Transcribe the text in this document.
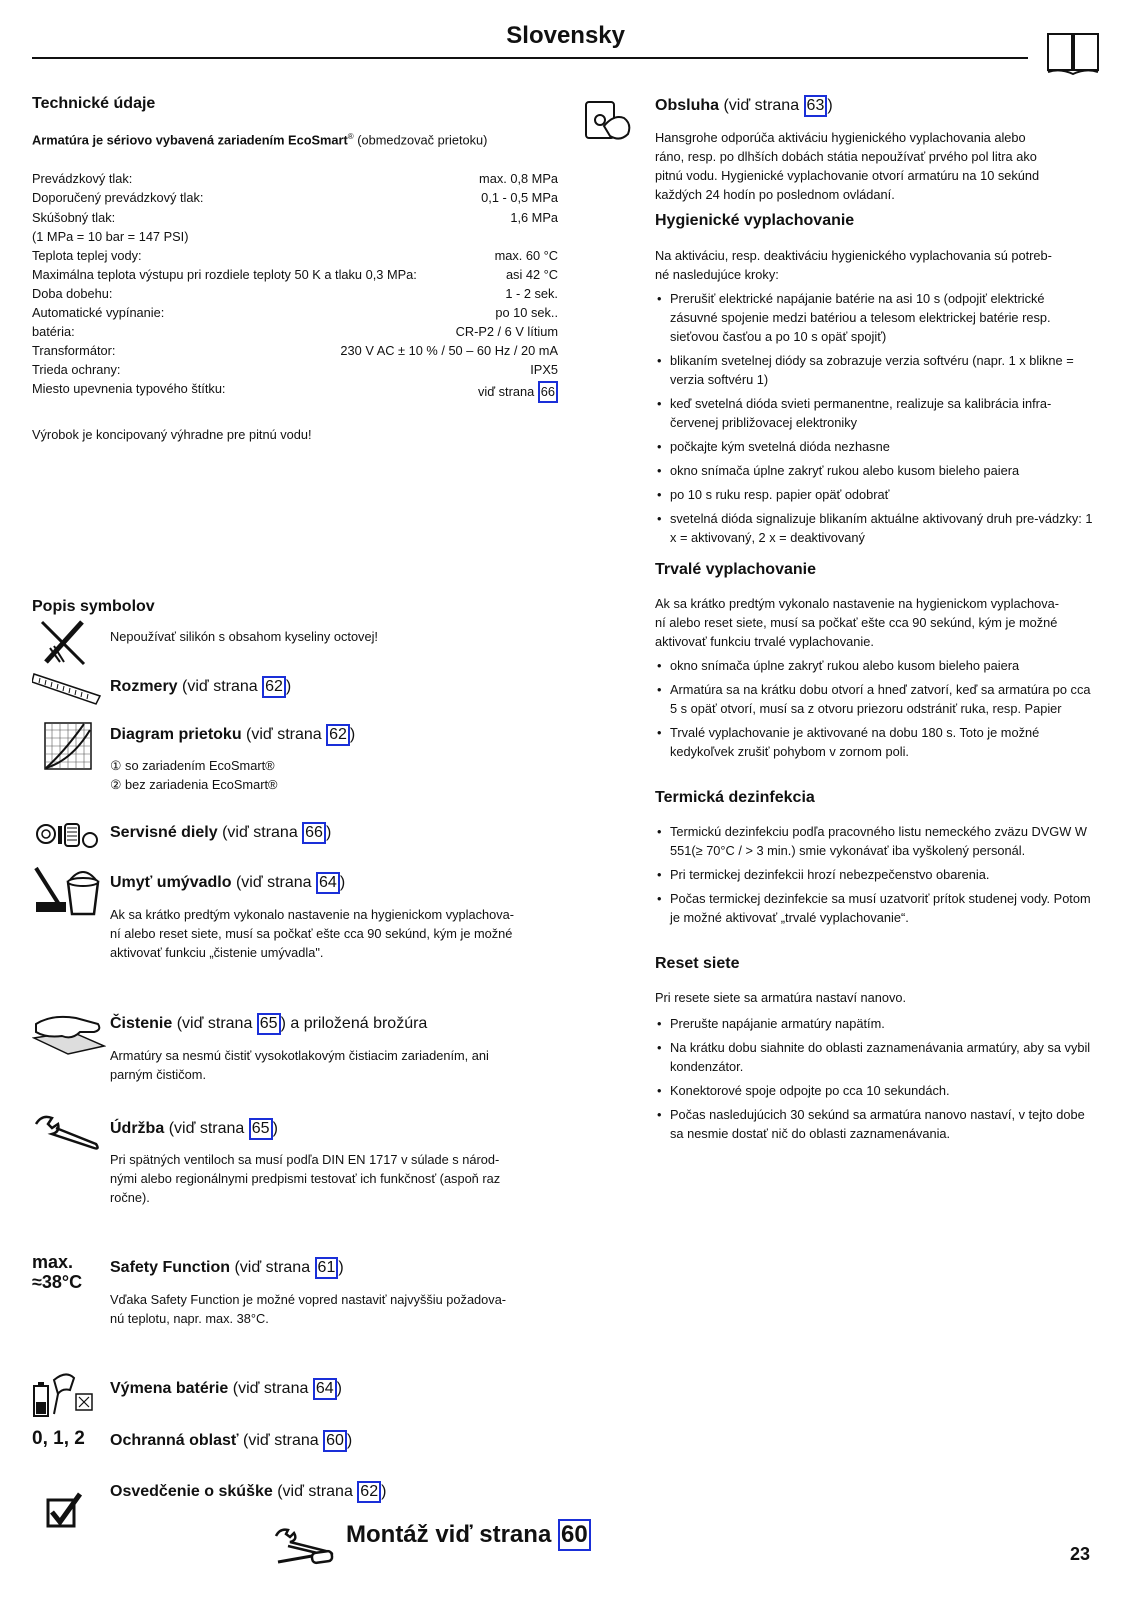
Slovensky
Technické údaje
Armatúra je sériovo vybavená zariadením EcoSmart® (obmedzovač prietoku)
Prevádzkový tlak:	max. 0,8 MPa
Doporučený prevádzkový tlak:	0,1 - 0,5 MPa
Skúšobný tlak:	1,6 MPa
(1 MPa = 10 bar = 147 PSI)
Teplota teplej vody:	max. 60 °C
Maximálna teplota výstupu pri rozdiele teploty 50 K a tlaku 0,3 MPa:	asi 42 °C
Doba dobehu:	1 - 2 sek.
Automatické vypínanie:	po 10 sek..
batéria:	CR-P2 / 6 V lítium
Transformátor:	230 V AC ± 10 % / 50 – 60 Hz / 20 mA
Trieda ochrany:	IPX5
Miesto upevnenia typového štítku:	viď strana 66
Výrobok je koncipovaný výhradne pre pitnú vodu!
Popis symbolov
Nepoužívať silikón s obsahom kyseliny octovej!
Rozmery (viď strana 62 )
Diagram prietoku (viď strana 62 )
① so zariadením EcoSmart®
② bez zariadenia EcoSmart®
Servisné diely (viď strana 66 )
Umyť umývadlo (viď strana 64 )
Ak sa krátko predtým vykonalo nastavenie na hygienickom vyplachova-
ní alebo reset siete, musí sa počkať ešte cca 90 sekúnd, kým je možné
aktivovať funkciu „čistenie umývadla".
Čistenie (viď strana 65 ) a priložená brožúra
Armatúry sa nesmú čistiť vysokotlakovým čistiacim zariadením, ani
parným čističom.
Údržba (viď strana 65 )
Pri spätných ventiloch sa musí podľa DIN EN 1717 v súlade s národ-
nými alebo regionálnymi predpismi testovať ich funkčnosť (aspoň raz
ročne).
max.
≈38°C
Safety Function (viď strana 61 )
Vďaka Safety Function je možné vopred nastaviť najvyššiu požadova-
nú teplotu, napr. max. 38°C.
Výmena batérie (viď strana 64 )
0, 1, 2 Ochranná oblasť (viď strana 60 )
Osvedčenie o skúške (viď strana 62 )
Obsluha (viď strana 63 )
Hansgrohe odporúča aktiváciu hygienického vyplachovania alebo
ráno, resp. po dlhších dobách státia nepoužívať prvého pol litra ako
pitnú vodu. Hygienické vyplachovanie otvorí armatúru na 10 sekúnd
každých 24 hodín po poslednom ovládaní.
Hygienické vyplachovanie
Na aktiváciu, resp. deaktiváciu hygienického vyplachovania sú potreb-
né nasledujúce kroky:
• Prerušiť elektrické napájanie batérie na asi 10 s (odpojiť elektrické zásuvné spojenie medzi batériou a telesom elektrickej batérie resp. sieťovou časťou a po 10 s opäť spojiť)
• blikaním svetelnej diódy sa zobrazuje verzia softvéru (napr. 1 x blikne = verzia softvéru 1)
• keď svetelná dióda svieti permanentne, realizuje sa kalibrácia infra-červenej približovacej elektroniky
• počkajte kým svetelná dióda nezhasne
• okno snímača úplne zakryť rukou alebo kusom bieleho paiera
• po 10 s ruku resp. papier opäť odobrať
• svetelná dióda signalizuje blikaním aktuálne aktivovaný druh pre-vádzky: 1 x = aktivovaný, 2 x = deaktivovaný
Trvalé vyplachovanie
Ak sa krátko predtým vykonalo nastavenie na hygienickom vyplachova-
ní alebo reset siete, musí sa počkať ešte cca 90 sekúnd, kým je možné
aktivovať funkciu trvalé vyplachovanie.
• okno snímača úplne zakryť rukou alebo kusom bieleho paiera
• Armatúra sa na krátku dobu otvorí a hneď zatvorí, keď sa armatúra po cca 5 s opäť otvorí, musí sa z otvoru priezoru odstrániť ruka, resp. Papier
• Trvalé vyplachovanie je aktivované na dobu 180 s. Toto je možné kedykoľvek zrušiť pohybom v zornom poli.
Termická dezinfekcia
• Termickú dezinfekciu podľa pracovného listu nemeckého zväzu DVGW W 551(≥ 70°C / > 3 min.) smie vykonávať iba vyškolený personál.
• Pri termickej dezinfekcii hrozí nebezpečenstvo obarenia.
• Počas termickej dezinfekcie sa musí uzatvoriť prítok studenej vody. Potom je možné aktivovať „trvalé vyplachovanie“.
Reset siete
Pri resete siete sa armatúra nastaví nanovo.
• Prerušte napájanie armatúry napätím.
• Na krátku dobu siahnite do oblasti zaznamenávania armatúry, aby sa vybil kondenzátor.
• Konektorové spoje odpojte po cca 10 sekundách.
• Počas nasledujúcich 30 sekúnd sa armatúra nanovo nastaví, v tejto dobe sa nesmie dostať nič do oblasti zaznamenávania.
Montáž viď strana 60
23
